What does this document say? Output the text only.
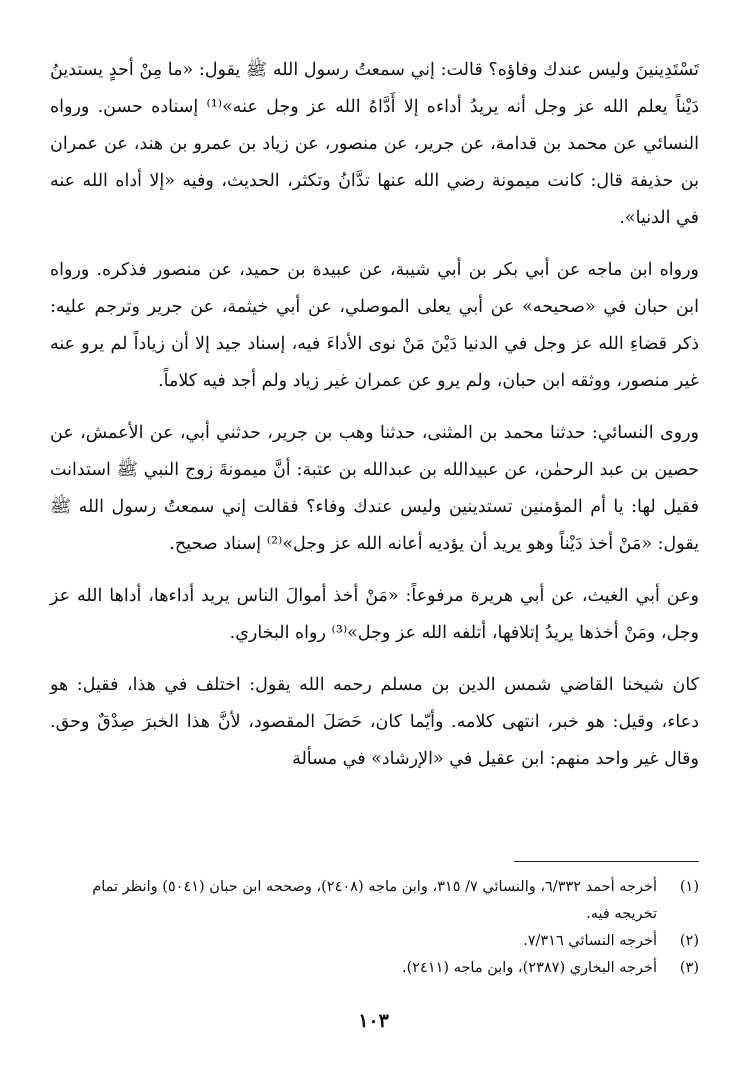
تَسْتَدِينينَ وليس عندك وفاؤه؟ قالت: إني سمعتُ رسول الله ﷺ يقول: «ما مِنْ أحدٍ يستدينُ دَيْناً يعلم الله عز وجل أنه يريدُ أداءه إلا أَدَّاهُ الله عز وجل عنه»⁽¹⁾ إسناده حسن. ورواه النسائي عن محمد بن قدامة، عن جرير، عن منصور، عن زياد بن عمرو بن هند، عن عمران بن حذيفة قال: كانت ميمونة رضي الله عنها تدَّانُ وتكثر، الحديث، وفيه «إلا أداه الله عنه في الدنيا».

ورواه ابن ماجه عن أبي بكر بن أبي شيبة، عن عبيدة بن حميد، عن منصور فذكره. ورواه ابن حبان في «صحيحه» عن أبي يعلى الموصلي، عن أبي خيثمة، عن جرير وترجم عليه: ذكر قضاءِ الله عز وجل في الدنيا دَيْنَ مَنْ نوى الأداءَ فيه، إسناد جيد إلا أن زياداً لم يرو عنه غير منصور، ووثقه ابن حبان، ولم يرو عن عمران غير زياد ولم أجد فيه كلاماً.

وروى النسائي: حدثنا محمد بن المثنى، حدثنا وهب بن جرير، حدثني أبي، عن الأعمش، عن حصين بن عبد الرحمٰن، عن عبيدالله بن عبدالله بن عتبة: أنَّ ميمونةَ زوج النبي ﷺ استدانت فقيل لها: يا أم المؤمنين تستدينين وليس عندك وفاء؟ فقالت إني سمعتُ رسول الله ﷺ يقول: «مَنْ أخذ دَيْناً وهو يريد أن يؤديه أعانه الله عز وجل»⁽²⁾ إسناد صحيح.

وعن أبي الغيث، عن أبي هريرة مرفوعاً: «مَنْ أخذ أموالَ الناس يريد أداءها، أداها الله عز وجل، ومَنْ أخذها يريدُ إتلافها، أتلفه الله عز وجل»⁽³⁾ رواه البخاري.

كان شيخنا القاضي شمس الدين بن مسلم رحمه الله يقول: اختلف في هذا، فقيل: هو دعاء، وقيل: هو خبر، انتهى كلامه. وأيّما كان، حَصَلَ المقصود، لأنَّ هذا الخبرَ صِدْقٌ وحق. وقال غير واحد منهم: ابن عقيل في «الإرشاد» في مسألة

(١)
أخرجه أحمد ٦/٣٣٢، والنسائي ٧/ ٣١٥، وابن ماجه (٢٤٠٨)، وصححه ابن حبان (٥٠٤١) وانظر تمام تخريجه فيه.
(٢)
أخرجه النسائي ٧/٣١٦.
(٣)
أخرجه البخاري (٢٣٨٧)، وابن ماجه (٢٤١١).
١٠٣
